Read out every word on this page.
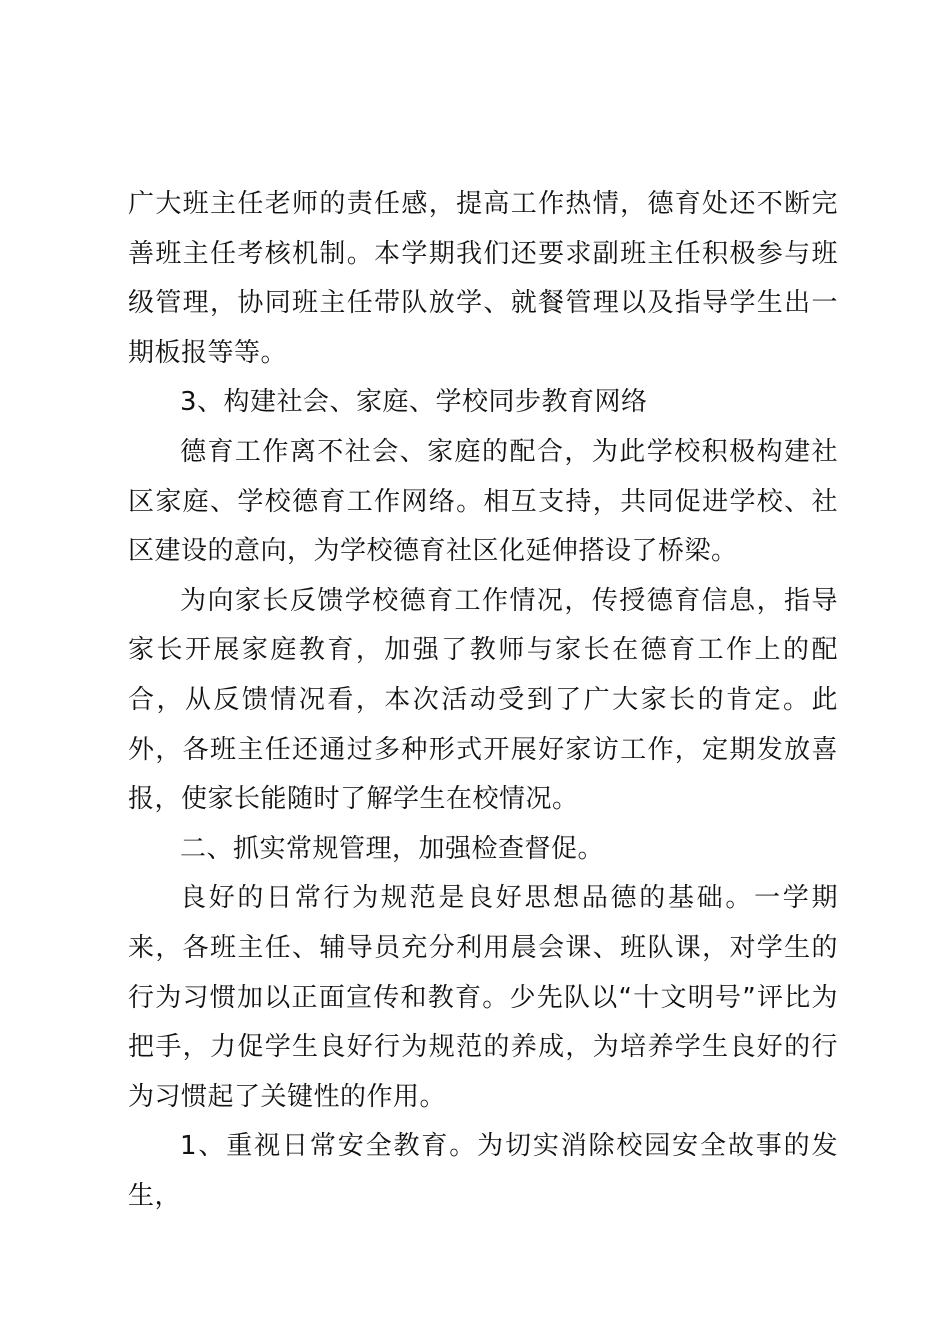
广大班主任老师的责任感，提高工作热情，德育处还不断完善班主任考核机制。本学期我们还要求副班主任积极参与班级管理，协同班主任带队放学、就餐管理以及指导学生出一期板报等等。

3、构建社会、家庭、学校同步教育网络

德育工作离不社会、家庭的配合，为此学校积极构建社区家庭、学校德育工作网络。相互支持，共同促进学校、社区建设的意向，为学校德育社区化延伸搭设了桥梁。

为向家长反馈学校德育工作情况，传授德育信息，指导家长开展家庭教育，加强了教师与家长在德育工作上的配合，从反馈情况看，本次活动受到了广大家长的肯定。此外，各班主任还通过多种形式开展好家访工作，定期发放喜报，使家长能随时了解学生在校情况。

二、抓实常规管理，加强检查督促。

良好的日常行为规范是良好思想品德的基础。一学期来，各班主任、辅导员充分利用晨会课、班队课，对学生的行为习惯加以正面宣传和教育。少先队以“十文明号”评比为把手，力促学生良好行为规范的养成，为培养学生良好的行为习惯起了关键性的作用。

1、重视日常安全教育。为切实消除校园安全故事的发生，
